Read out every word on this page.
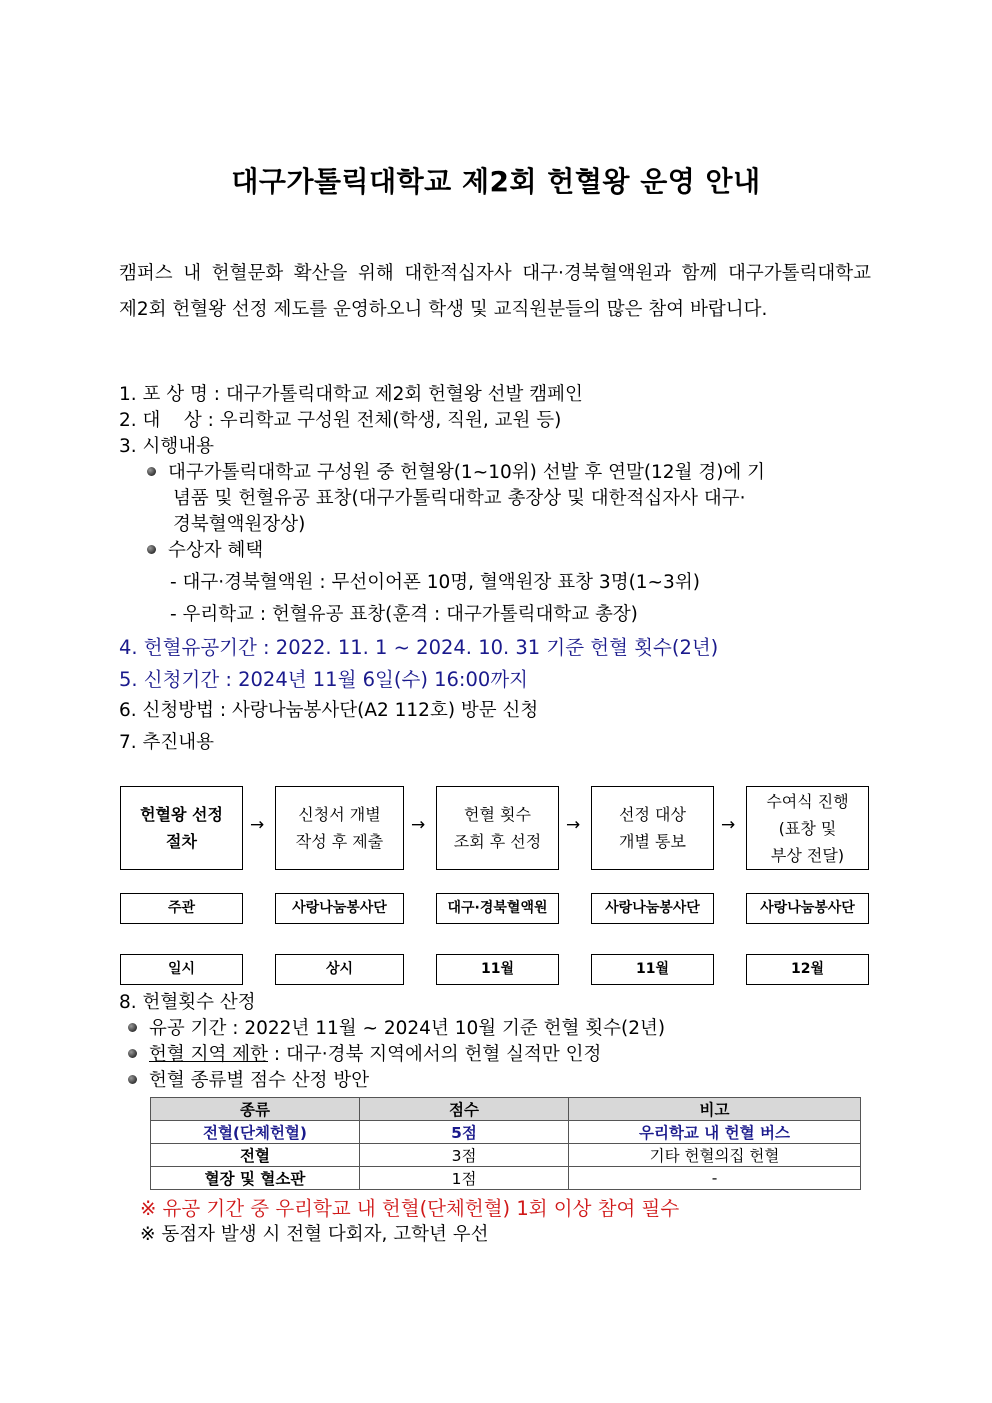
대구가톨릭대학교 제2회 헌혈왕 운영 안내
캠퍼스 내 헌혈문화 확산을 위해 대한적십자사 대구·경북혈액원과 함께 대구가톨릭대학교 제2회 헌혈왕 선정 제도를 운영하오니 학생 및 교직원분들의 많은 참여 바랍니다.
1. 포 상 명 : 대구가톨릭대학교 제2회 헌혈왕 선발 캠페인
2. 대    상 : 우리학교 구성원 전체(학생, 직원, 교원 등)
3. 시행내용
대구가톨릭대학교 구성원 중 헌혈왕(1~10위) 선발 후 연말(12월 경)에 기
념품 및 헌혈유공 표창(대구가톨릭대학교 총장상 및 대한적십자사 대구·
경북혈액원장상)
수상자 혜택
- 대구·경북혈액원 : 무선이어폰 10명, 혈액원장 표창 3명(1~3위)
- 우리학교 : 헌혈유공 표창(훈격 : 대구가톨릭대학교 총장)
4. 헌혈유공기간 : 2022. 11. 1 ~ 2024. 10. 31 기준 헌혈 횟수(2년)
5. 신청기간 : 2024년 11월 6일(수) 16:00까지
6. 신청방법 : 사랑나눔봉사단(A2 112호) 방문 신청
7. 추진내용
헌혈왕 선정
절차
→
신청서 개별
작성 후 제출
→
헌혈 횟수
조회 후 선정
→
선정 대상
개별 통보
→
수여식 진행
(표창 및
부상 전달)
주관	사랑나눔봉사단	대구·경북혈액원	사랑나눔봉사단	사랑나눔봉사단
일시	상시	11월	11월	12월
8. 헌혈횟수 산정
유공 기간 : 2022년 11월 ~ 2024년 10월 기준 헌혈 횟수(2년)
헌혈 지역 제한 : 대구·경북 지역에서의 헌혈 실적만 인정
헌혈 종류별 점수 산정 방안
종류	점수	비고
전혈(단체헌혈)	5점	우리학교 내 헌혈 버스
전혈	3점	기타 헌혈의집 헌혈
혈장 및 혈소판	1점	-
※ 유공 기간 중 우리학교 내 헌혈(단체헌혈) 1회 이상 참여 필수
※ 동점자 발생 시 전혈 다회자, 고학년 우선
